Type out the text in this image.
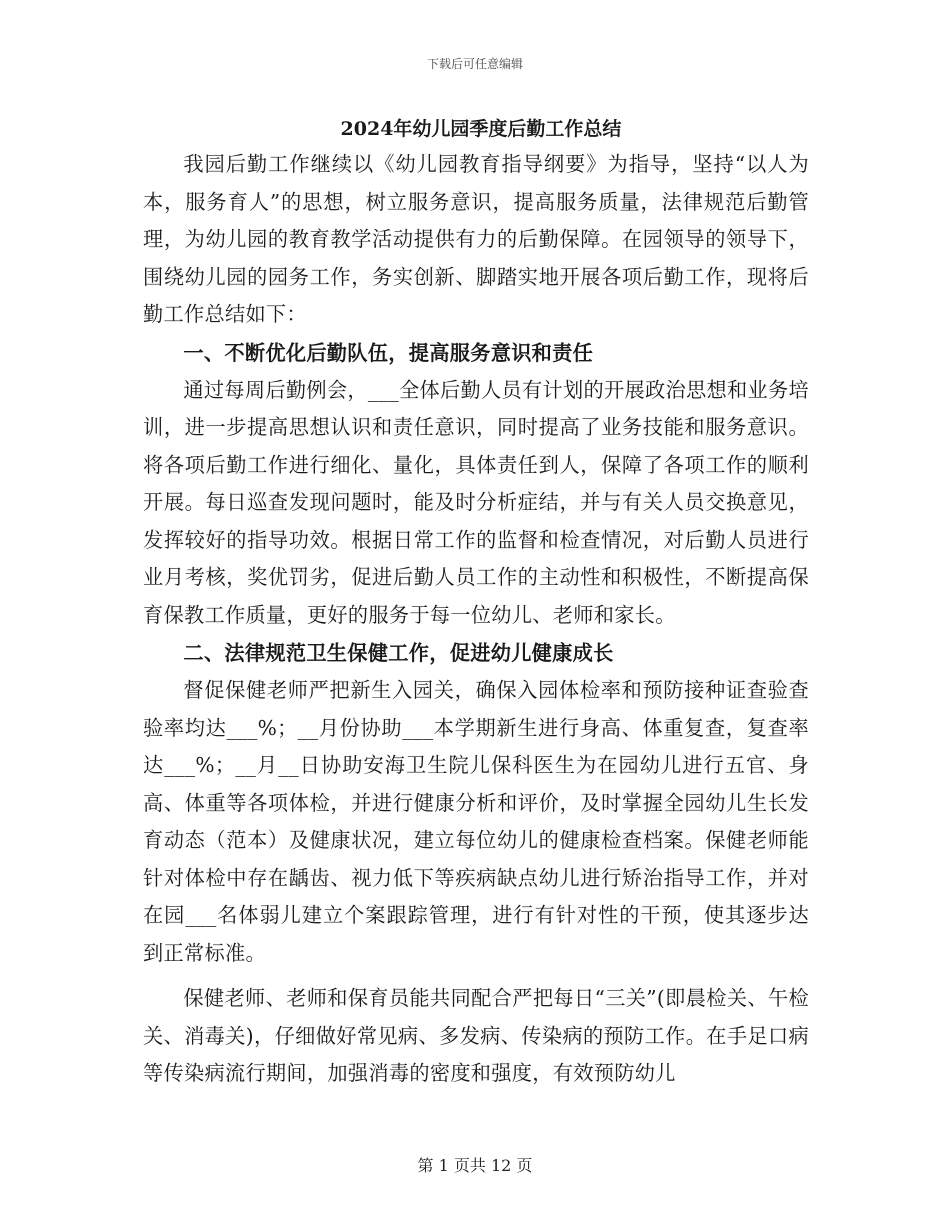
下载后可任意编辑
2024年幼儿园季度后勤工作总结

我园后勤工作继续以《幼儿园教育指导纲要》为指导，坚持“以人为本，服务育人”的思想，树立服务意识，提高服务质量，法律规范后勤管理，为幼儿园的教育教学活动提供有力的后勤保障。在园领导的领导下，围绕幼儿园的园务工作，务实创新、脚踏实地开展各项后勤工作，现将后勤工作总结如下：

一、不断优化后勤队伍，提高服务意识和责任

通过每周后勤例会，___全体后勤人员有计划的开展政治思想和业务培训，进一步提高思想认识和责任意识，同时提高了业务技能和服务意识。将各项后勤工作进行细化、量化，具体责任到人，保障了各项工作的顺利开展。每日巡查发现问题时，能及时分析症结，并与有关人员交换意见，发挥较好的指导功效。根据日常工作的监督和检查情况，对后勤人员进行业月考核，奖优罚劣，促进后勤人员工作的主动性和积极性，不断提高保育保教工作质量，更好的服务于每一位幼儿、老师和家长。

二、法律规范卫生保健工作，促进幼儿健康成长

督促保健老师严把新生入园关，确保入园体检率和预防接种证查验查验率均达___%；__月份协助___本学期新生进行身高、体重复查，复查率达___%；__月__日协助安海卫生院儿保科医生为在园幼儿进行五官、身高、体重等各项体检，并进行健康分析和评价，及时掌握全园幼儿生长发育动态（范本）及健康状况，建立每位幼儿的健康检查档案。保健老师能针对体检中存在龋齿、视力低下等疾病缺点幼儿进行矫治指导工作，并对在园___名体弱儿建立个案跟踪管理，进行有针对性的干预，使其逐步达到正常标准。

保健老师、老师和保育员能共同配合严把每日“三关”(即晨检关、午检关、消毒关)，仔细做好常见病、多发病、传染病的预防工作。在手足口病等传染病流行期间，加强消毒的密度和强度，有效预防幼儿

第 1 页共 12 页
